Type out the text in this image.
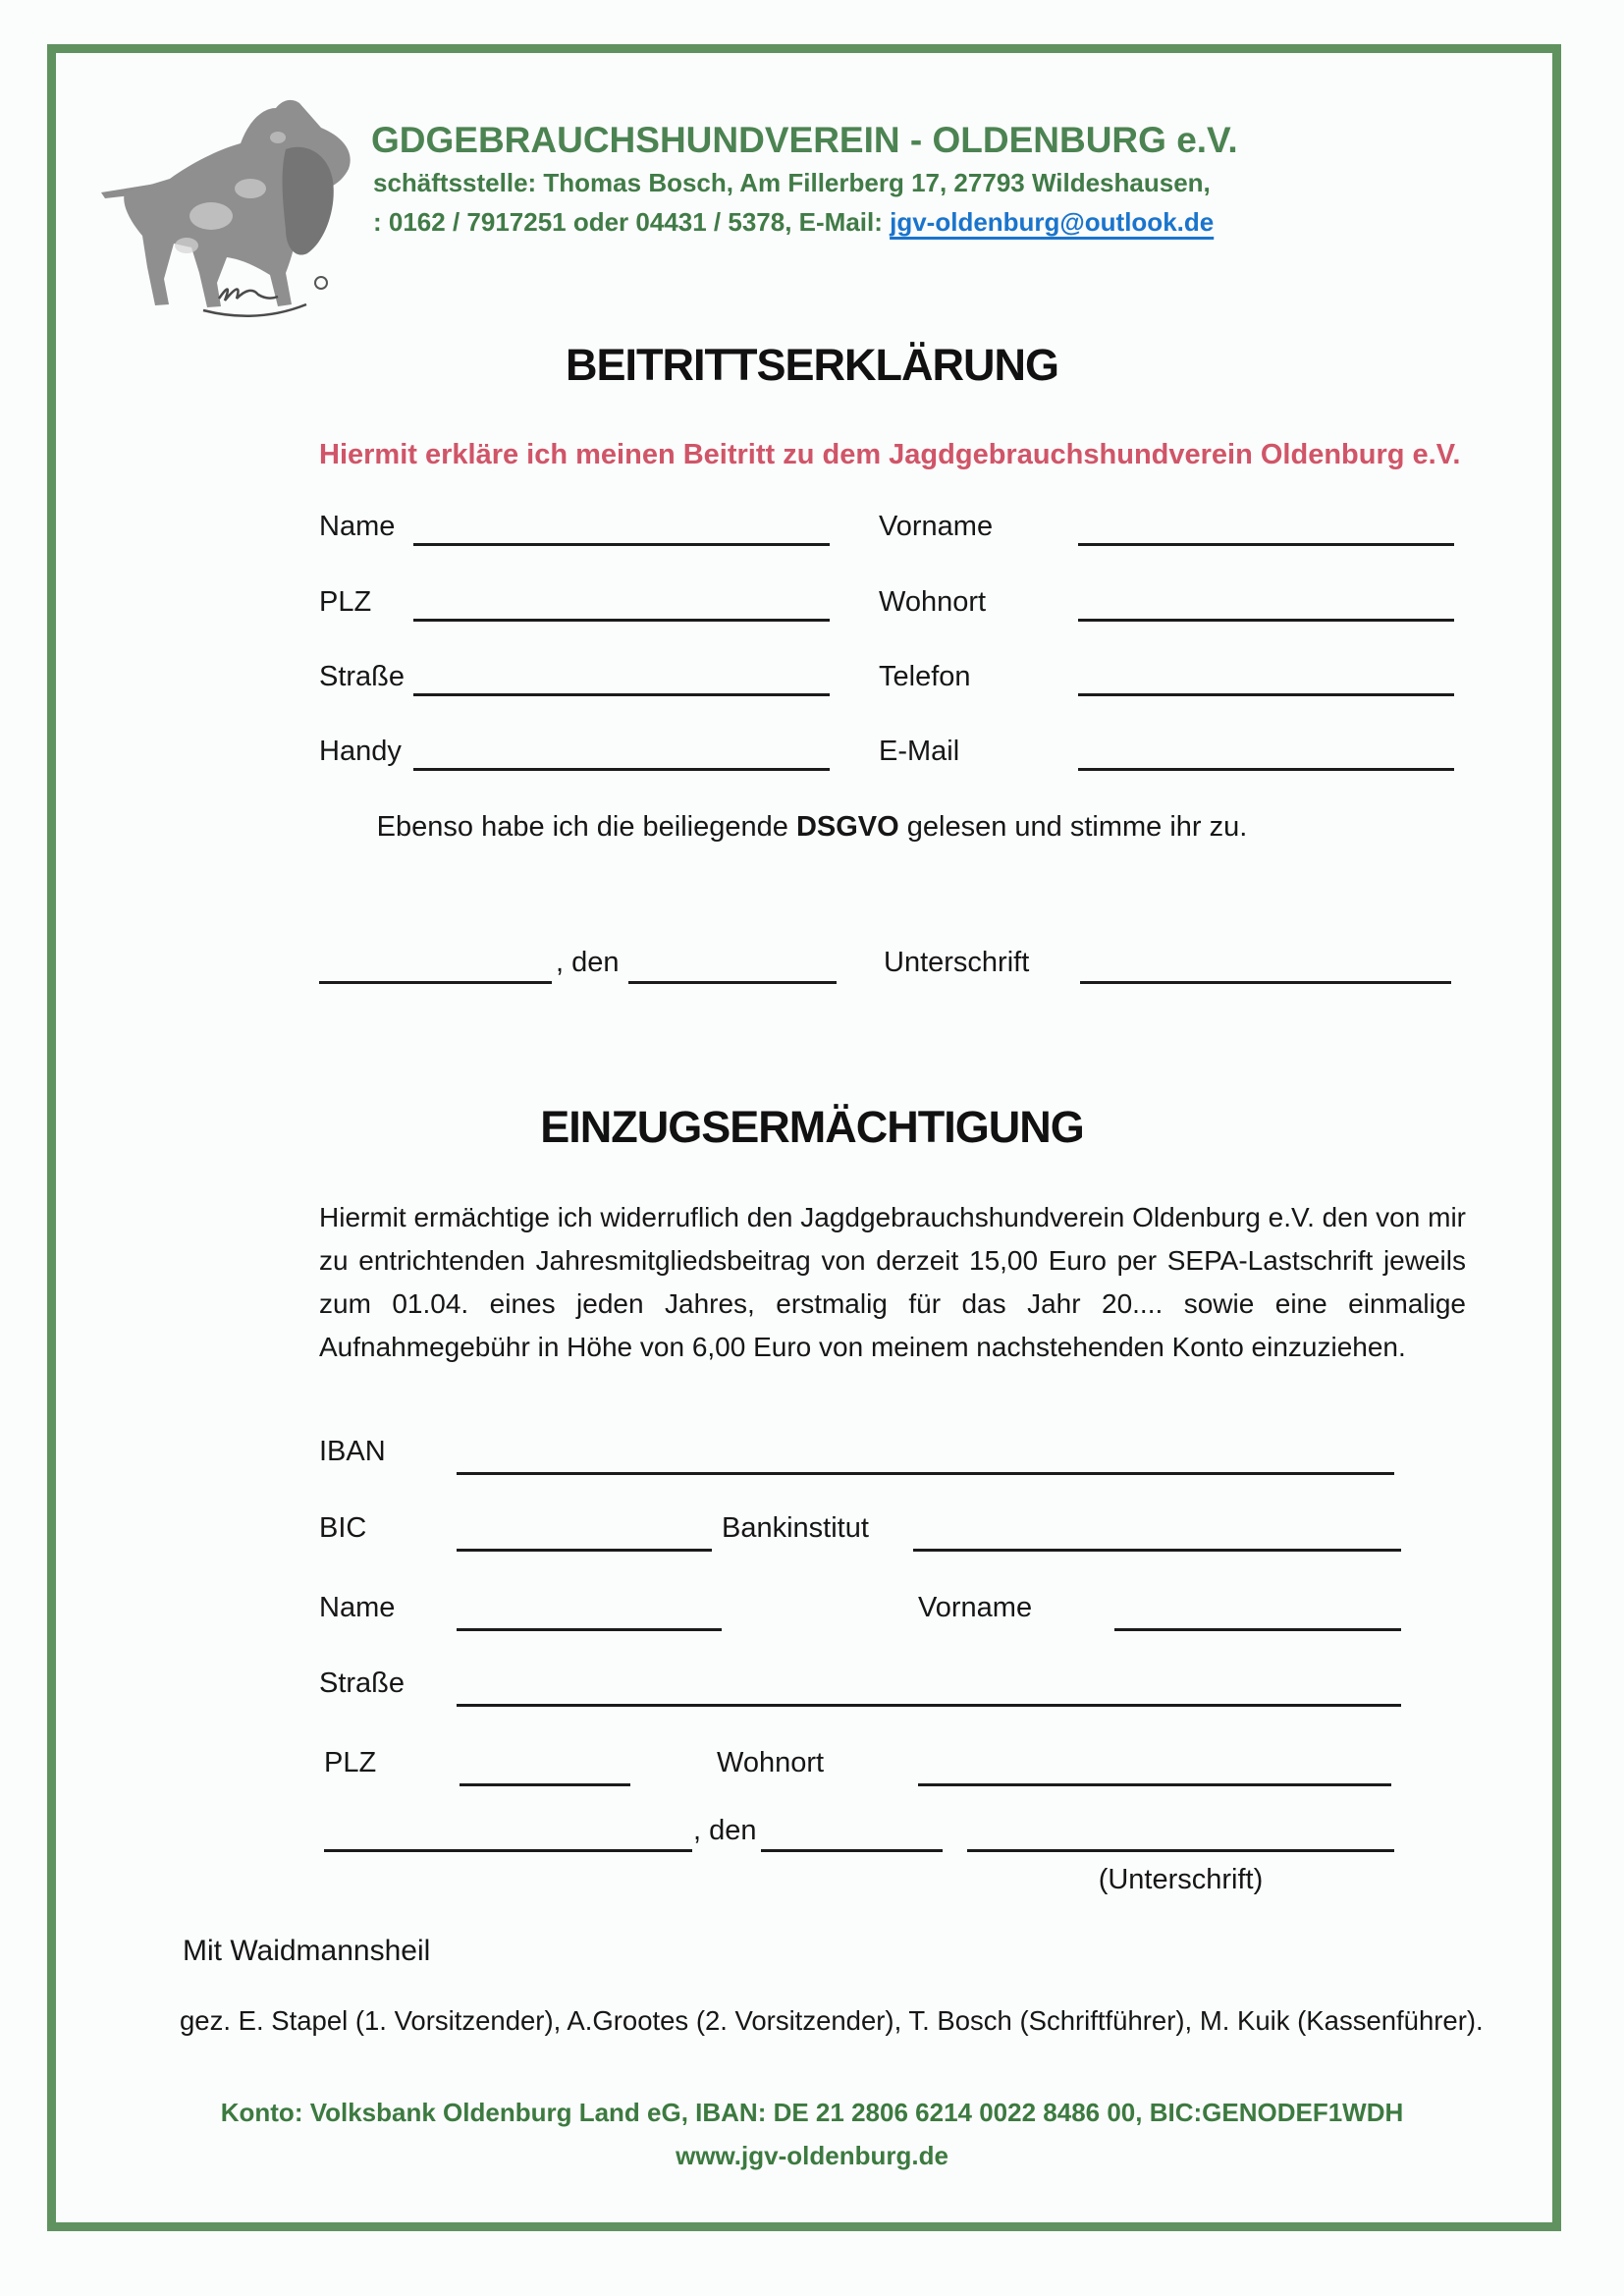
GDGEBRAUCHSHUNDVEREIN - OLDENBURG e.V.
schäftsstelle: Thomas Bosch, Am Fillerberg 17, 27793 Wildeshausen,
: 0162 / 7917251 oder 04431 / 5378, E-Mail: jgv-oldenburg@outlook.de
BEITRITTSERKLÄRUNG
Hiermit erkläre ich meinen Beitritt zu dem Jagdgebrauchshundverein Oldenburg e.V.
Name	Vorname
PLZ	Wohnort
Straße	Telefon
Handy	E-Mail
Ebenso habe ich die beiliegende DSGVO gelesen und stimme ihr zu.
, den	Unterschrift
EINZUGSERMÄCHTIGUNG
Hiermit ermächtige ich widerruflich den Jagdgebrauchshundverein Oldenburg e.V. den von mir zu entrichtenden Jahresmitgliedsbeitrag von derzeit 15,00 Euro per SEPA-Lastschrift jeweils zum 01.04. eines jeden Jahres, erstmalig für das Jahr 20.... sowie eine einmalige Aufnahmegebühr in Höhe von 6,00 Euro von meinem nachstehenden Konto einzuziehen.
IBAN
BIC	Bankinstitut
Name	Vorname
Straße
PLZ	Wohnort
, den
(Unterschrift)
Mit Waidmannsheil
gez. E. Stapel (1. Vorsitzender), A.Grootes (2. Vorsitzender), T. Bosch (Schriftführer), M. Kuik (Kassenführer).
Konto: Volksbank Oldenburg Land eG, IBAN: DE 21 2806 6214 0022 8486 00, BIC:GENODEF1WDH
www.jgv-oldenburg.de
